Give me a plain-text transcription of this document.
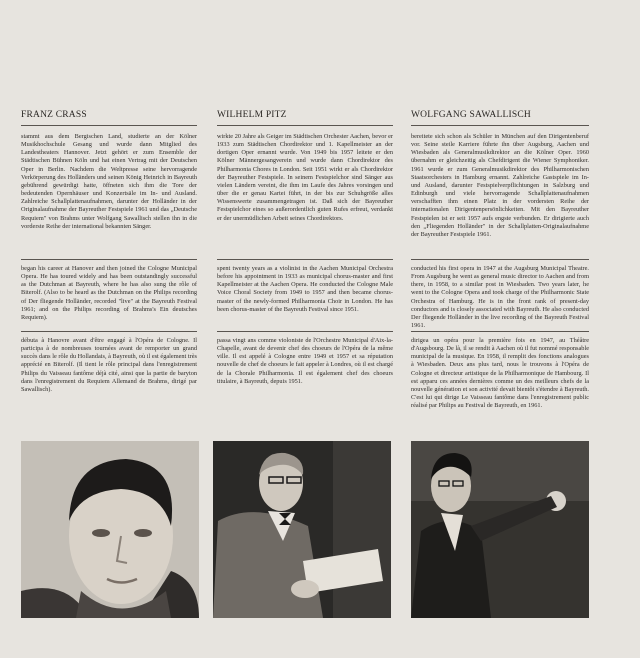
FRANZ CRASS
stammt aus dem Bergischen Land, studierte an der Kölner Musikhochschule Gesang und wurde dann Mitglied des Landestheaters Hannover. Jetzt gehört er zum Ensemble der Städtischen Bühnen Köln und hat einen Vertrag mit der Deutschen Oper in Berlin. Nachdem die Weltpresse seine hervorragende Verkörperung des Holländers und seinen König Heinrich in Bayreuth gebührend gewürdigt hatte, öffneten sich ihm die Tore der bedeutenden Opernhäuser und Konzertsäle im In- und Ausland. Zahlreiche Schallplattenaufnahmen, darunter der Holländer in der Originalaufnahme der Bayreuther Festspiele 1961 und das „Deutsche Requiem" von Brahms unter Wolfgang Sawallisch stellen ihn in die vorderste Reihe der international bekannten Sänger.
began his career at Hanover and then joined the Cologne Municipal Opera. He has toured widely and has been outstandingly successful as the Dutchman at Bayreuth, where he has also sung the rôle of Biterolf. (Also to be heard as the Dutchman on the Philips recording of Der fliegende Holländer, recorded "live" at the Bayreuth Festival 1961; and on the Philips recording of Brahms's Ein deutsches Requiem).
débuta à Hanovre avant d'être engagé à l'Opéra de Cologne. Il participa à de nombreuses tournées avant de remporter un grand succès dans le rôle du Hollandais, à Bayreuth, où il est également très apprécié en Biterolf. (Il tient le rôle principal dans l'enregistrement Philips du Vaisseau fantôme déjà cité, ainsi que la partie de baryton dans l'enregistrement du Requiem Allemand de Brahms, dirigé par Sawallisch).
WILHELM PITZ
wirkte 20 Jahre als Geiger im Städtischen Orchester Aachen, bevor er 1933 zum Städtischen Chordirektor und 1. Kapellmeister an der dortigen Oper ernannt wurde. Von 1949 bis 1957 leitete er den Kölner Männergesangverein und wurde dann Chordirektor des Philharmonia Chores in London. Seit 1951 wirkt er als Chordirektor der Bayreuther Festspiele. In seinem Festspielchor sind Sänger aus vielen Ländern vereint, die ihm im Laufe des Jahres vorsingen und über die er genau Kartei führt, in der bis zur Schuhgröße alles Wissenswerte zusammengetragen ist. Daß sich der Bayreuther Festspielchor eines so außerordentlich guten Rufes erfreut, verdankt er der unermüdlichen Arbeit seines Chordirektors.
spent twenty years as a violinist in the Aachen Municipal Orchestra before his appointment in 1933 as municipal chorus-master and first Kapellmeister at the Aachen Opera. He conducted the Cologne Male Voice Choral Society from 1949 to 1957 and then became chorus-master of the newly-formed Philharmonia Choir in London. He has been chorus-master of the Bayreuth Festival since 1951.
passa vingt ans comme violoniste de l'Orchestre Municipal d'Aix-la-Chapelle, avant de devenir chef des choeurs de l'Opéra de la même ville. Il est appelé à Cologne entre 1949 et 1957 et sa réputation nouvelle de chef de choeurs le fait appeler à Londres, où il est chargé de la Chorale Philharmonia. Il est également chef des choeurs titulaire, à Bayreuth, depuis 1951.
WOLFGANG SAWALLISCH
bereitete sich schon als Schüler in München auf den Dirigentenberuf vor. Seine steile Karriere führte ihn über Augsburg, Aachen und Wiesbaden als Generalmusikdirektor an die Kölner Oper. 1960 übernahm er gleichzeitig als Chefdirigent die Wiener Symphoniker. 1961 wurde er zum Generalmusikdirektor des Philharmonischen Staatsorchesters in Hamburg ernannt. Zahlreiche Gastspiele im In- und Ausland, darunter Festspielverpflichtungen in Salzburg und Edinburgh und viele hervorragende Schallplattenaufnahmen verschafften ihm einen Platz in der vordersten Reihe der internationalen Dirigentenpersönlichkeiten. Mit den Bayreuther Festspielen ist er seit 1957 aufs engste verbunden. Er dirigierte auch den „Fliegenden Holländer" in der Schallplatten-Originalaufnahme der Bayreuther Festspiele 1961.
conducted his first opera in 1947 at the Augsburg Municipal Theatre. From Augsburg he went as general music director to Aachen and from there, in 1958, to a similar post in Wiesbaden. Two years later, he went to the Cologne Opera and took charge of the Philharmonic State Orchestra of Hamburg. He is in the front rank of present-day conductors and is closely associated with Bayreuth. He also conducted Der fliegende Holländer in the live recording of the Bayreuth Festival 1961.
dirigea un opéra pour la première fois en 1947, au Théâtre d'Augsbourg. De là, il se rendit à Aachen où il fut nommé responsable municipal de la musique. En 1958, il remplit des fonctions analogues à Wiesbaden. Deux ans plus tard, nous le trouvons à l'Opéra de Cologne et directeur artistique de la Philharmonique de Hambourg. Il est apparu ces années dernières comme un des meilleurs chefs de la nouvelle génération et son activité devait bientôt s'étendre à Bayreuth. C'est lui qui dirige Le Vaisseau fantôme dans l'enregistrement public réalisé par Philips au Festival de Bayreuth, en 1961.
